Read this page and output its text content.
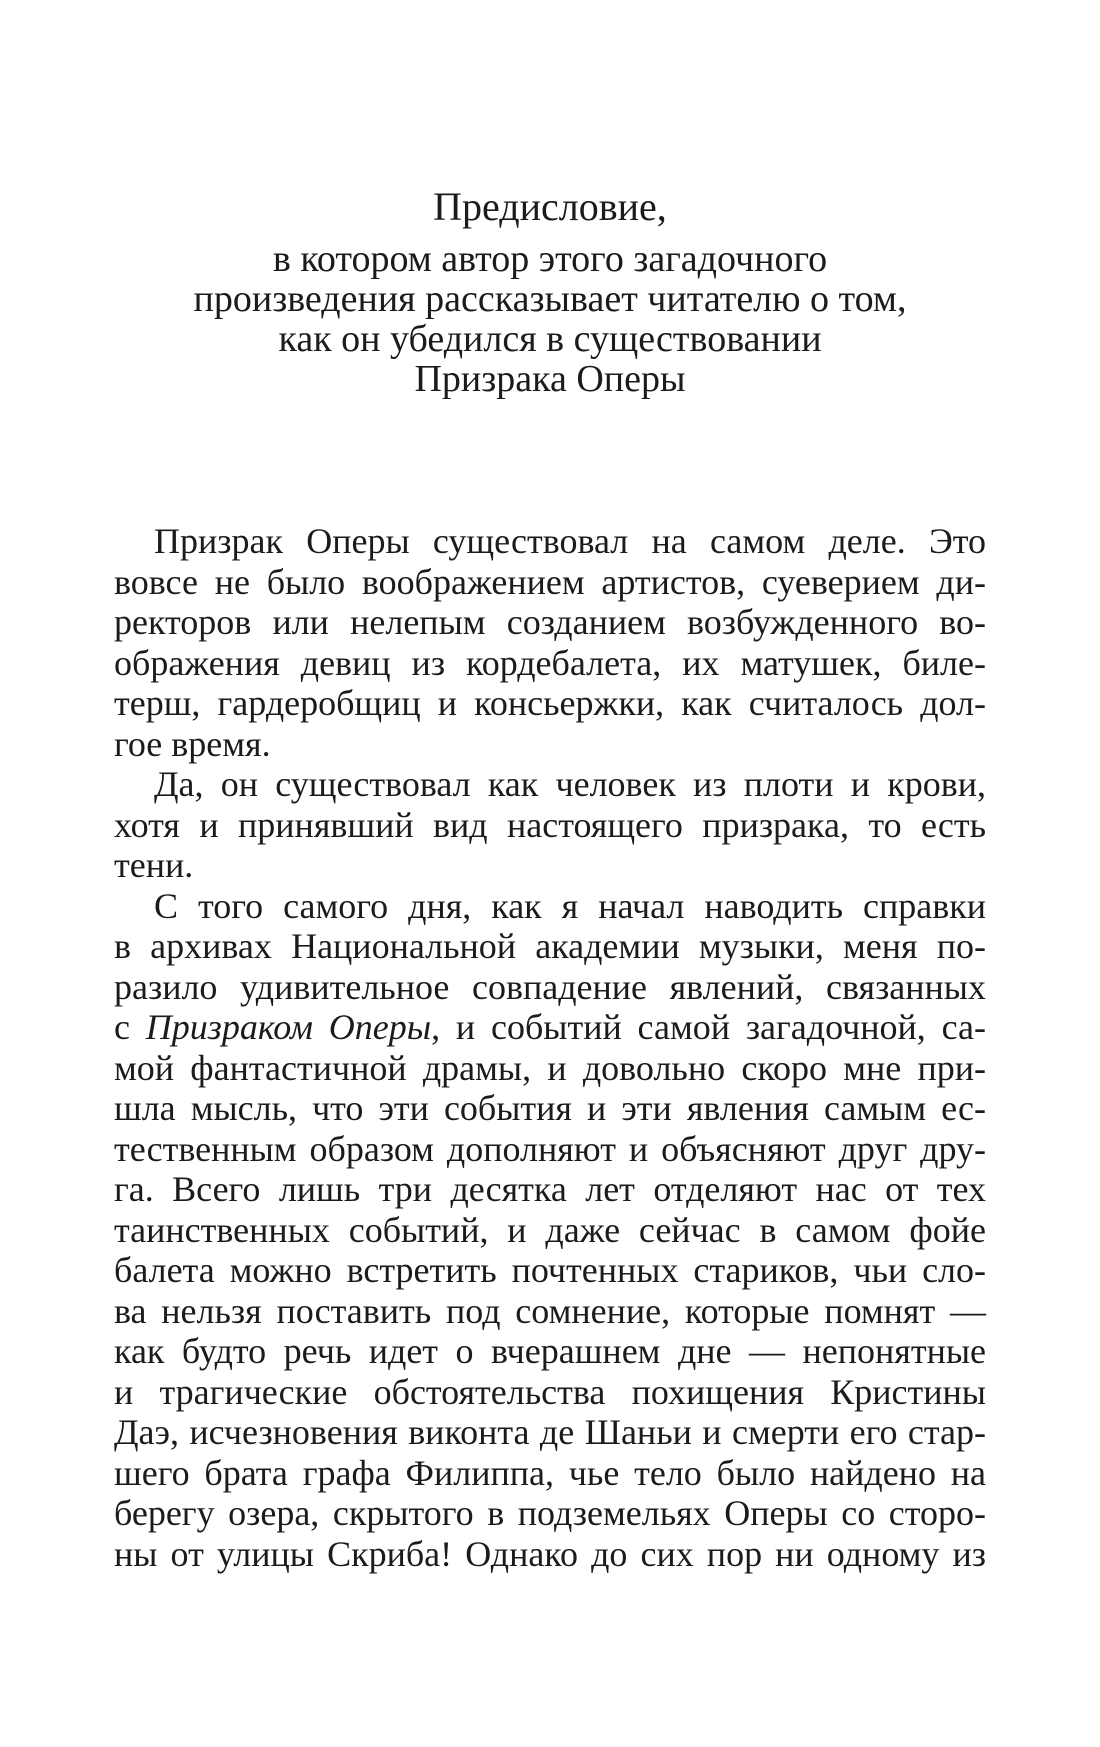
Предисловие,
в котором автор этого загадочного
произведения рассказывает читателю о том,
как он убедился в существовании
Призрака Оперы
Призрак Оперы существовал на самом деле. Это
вовсе не было воображением артистов, суеверием ди-
ректоров или нелепым созданием возбужденного во-
ображения девиц из кордебалета, их матушек, биле-
терш, гардеробщиц и консьержки, как считалось дол-
гое время.
Да, он существовал как человек из плоти и крови,
хотя и принявший вид настоящего призрака, то есть
тени.
С того самого дня, как я начал наводить справки
в архивах Национальной академии музыки, меня по-
разило удивительное совпадение явлений, связанных
с Призраком Оперы, и событий самой загадочной, са-
мой фантастичной драмы, и довольно скоро мне при-
шла мысль, что эти события и эти явления самым ес-
тественным образом дополняют и объясняют друг дру-
га. Всего лишь три десятка лет отделяют нас от тех
таинственных событий, и даже сейчас в самом фойе
балета можно встретить почтенных стариков, чьи сло-
ва нельзя поставить под сомнение, которые помнят —
как будто речь идет о вчерашнем дне — непонятные
и трагические обстоятельства похищения Кристины
Даэ, исчезновения виконта де Шаньи и смерти его стар-
шего брата графа Филиппа, чье тело было найдено на
берегу озера, скрытого в подземельях Оперы со сторо-
ны от улицы Скриба! Однако до сих пор ни одному из
